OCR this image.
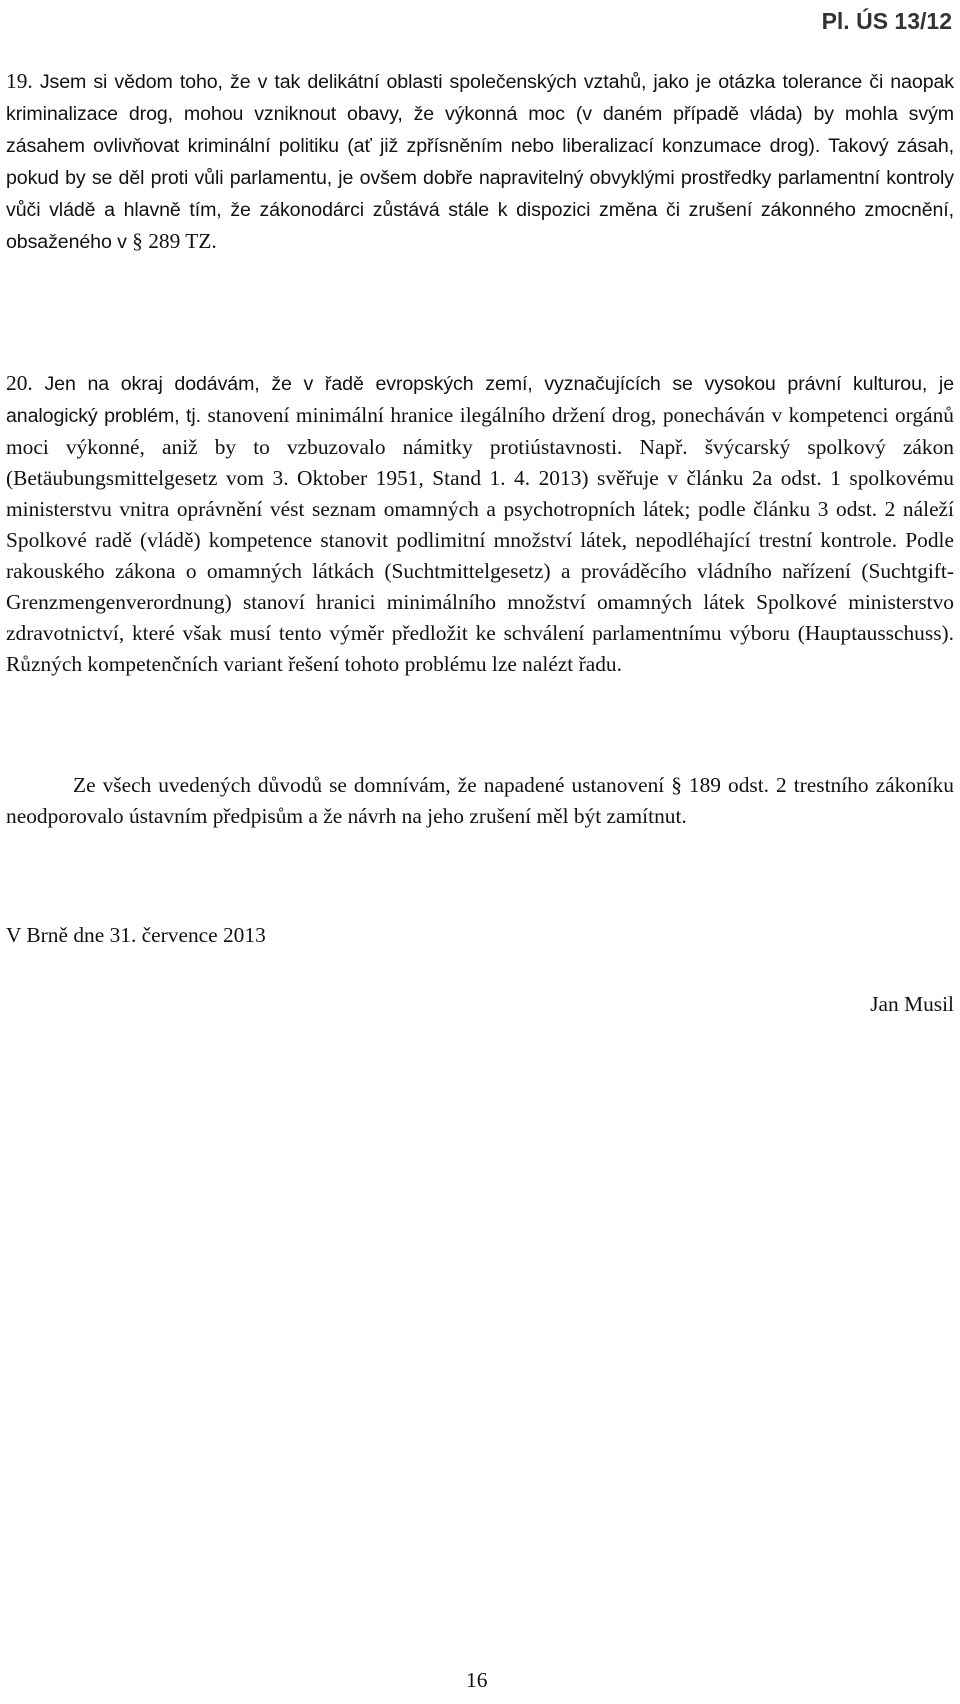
Pl. ÚS 13/12

19. Jsem si vědom toho, že v tak delikátní oblasti společenských vztahů, jako je otázka tolerance či naopak kriminalizace drog, mohou vzniknout obavy, že výkonná moc (v daném případě vláda) by mohla svým zásahem ovlivňovat kriminální politiku (ať již zpřísněním nebo liberalizací konzumace drog). Takový zásah, pokud by se děl proti vůli parlamentu, je ovšem dobře napravitelný obvyklými prostředky parlamentní kontroly vůči vládě a hlavně tím, že zákonodárci zůstává stále k dispozici změna či zrušení zákonného zmocnění, obsaženého v § 289 TZ.

20. Jen na okraj dodávám, že v řadě evropských zemí, vyznačujících se vysokou právní kulturou, je analogický problém, tj. stanovení minimální hranice ilegálního držení drog, ponecháván v kompetenci orgánů moci výkonné, aniž by to vzbuzovalo námitky protiústavnosti. Např. švýcarský spolkový zákon (Betäubungsmittelgesetz vom 3. Oktober 1951, Stand 1. 4. 2013) svěřuje v článku 2a odst. 1 spolkovému ministerstvu vnitra oprávnění vést seznam omamných a psychotropních látek; podle článku 3 odst. 2 náleží Spolkové radě (vládě) kompetence stanovit podlimitní množství látek, nepodléhající trestní kontrole. Podle rakouského zákona o omamných látkách (Suchtmittelgesetz) a prováděcího vládního nařízení (Suchtgift-Grenzmengenverordnung) stanoví hranici minimálního množství omamných látek Spolkové ministerstvo zdravotnictví, které však musí tento výměr předložit ke schválení parlamentnímu výboru (Hauptausschuss). Různých kompetenčních variant řešení tohoto problému lze nalézt řadu.

Ze všech uvedených důvodů se domnívám, že napadené ustanovení § 189 odst. 2 trestního zákoníku neodporovalo ústavním předpisům a že návrh na jeho zrušení měl být zamítnut.

V Brně dne 31. července 2013
Jan Musil
16
